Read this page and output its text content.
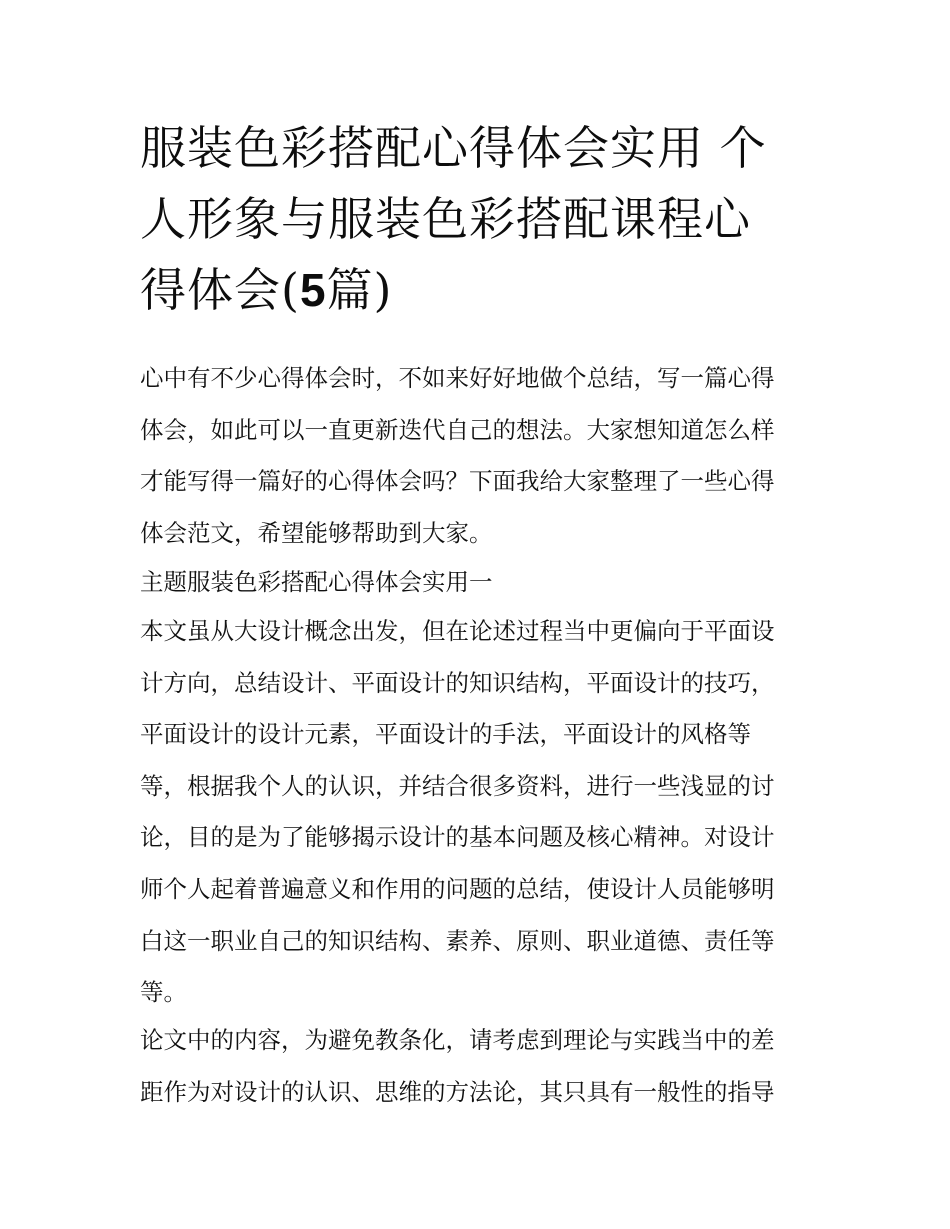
服装色彩搭配心得体会实用 个
人形象与服装色彩搭配课程心
得体会(5篇)

心中有不少心得体会时，不如来好好地做个总结，写一篇心得
体会，如此可以一直更新迭代自己的想法。大家想知道怎么样
才能写得一篇好的心得体会吗？下面我给大家整理了一些心得
体会范文，希望能够帮助到大家。

主题服装色彩搭配心得体会实用一

本文虽从大设计概念出发，但在论述过程当中更偏向于平面设
计方向，总结设计、平面设计的知识结构，平面设计的技巧，
平面设计的设计元素，平面设计的手法，平面设计的风格等
等，根据我个人的认识，并结合很多资料，进行一些浅显的讨
论，目的是为了能够揭示设计的基本问题及核心精神。对设计
师个人起着普遍意义和作用的问题的总结，使设计人员能够明
白这一职业自己的知识结构、素养、原则、职业道德、责任等
等。

论文中的内容，为避免教条化，请考虑到理论与实践当中的差
距作为对设计的认识、思维的方法论，其只具有一般性的指导
